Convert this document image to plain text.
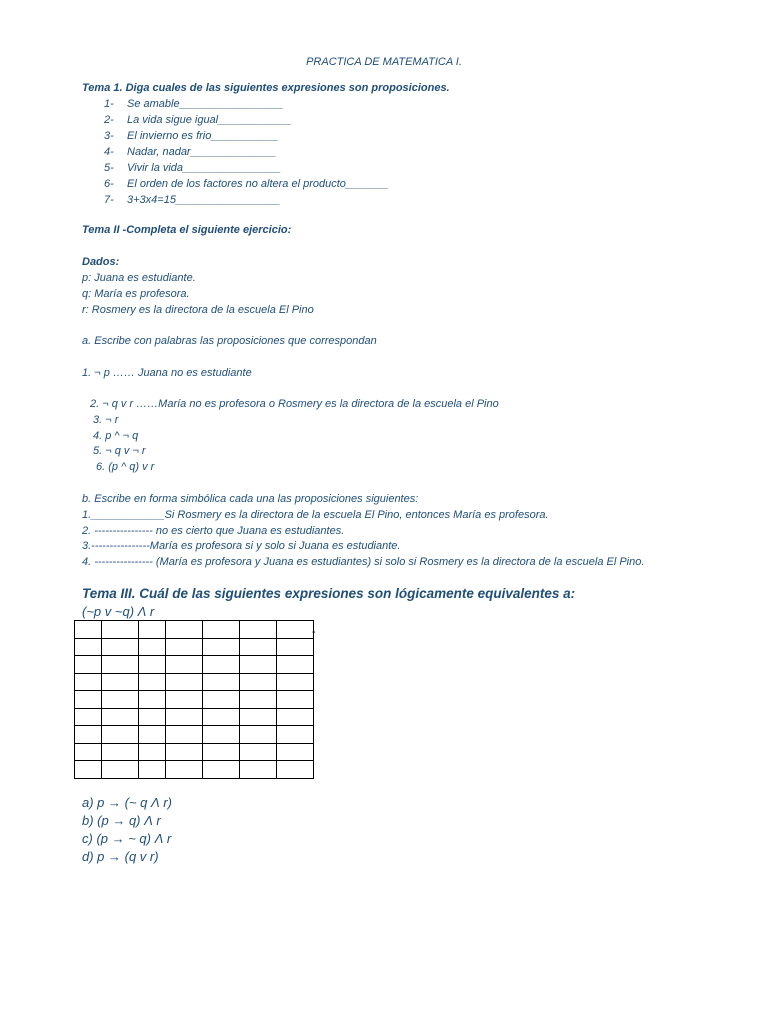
PRACTICA DE MATEMATICA I.
Tema 1. Diga cuales de las siguientes expresiones son proposiciones.
1- Se amable_________________
2- La vida sigue igual____________
3- El invierno es frio___________
4- Nadar, nadar______________
5- Vivir la vida________________
6- El orden de los factores no altera el producto_______
7- 3+3x4=15_________________
Tema II -Completa el siguiente ejercicio:
Dados:
p: Juana es estudiante.
q: María es profesora.
r: Rosmery es la directora de la escuela El Pino
a. Escribe con palabras las proposiciones que correspondan
1. ¬ p …… Juana no es estudiante
2. ¬ q v r ……María no es profesora o Rosmery es la directora de la escuela el Pino
3. ¬ r
4. p ^ ¬ q
5. ¬ q v ¬ r
6. (p ^ q) v r
b. Escribe en forma simbólica cada una las proposiciones siguientes:
1.____________Si Rosmery es la directora de la escuela El Pino, entonces María es profesora.
2. ---------------- no es cierto que Juana es estudiantes.
3.----------------María es profesora si y solo si Juana es estudiante.
4. ---------------- (María es profesora y Juana es estudiantes) si solo si Rosmery es la directora de la escuela El Pino.
Tema III. Cuál de las siguientes expresiones son lógicamente equivalentes a:
(~p v ~q) Ʌ r

-
a) p → (~ q Ʌ r)
b) (p → q) Ʌ r
c) (p → ~ q) Ʌ r
d) p → (q v r)
